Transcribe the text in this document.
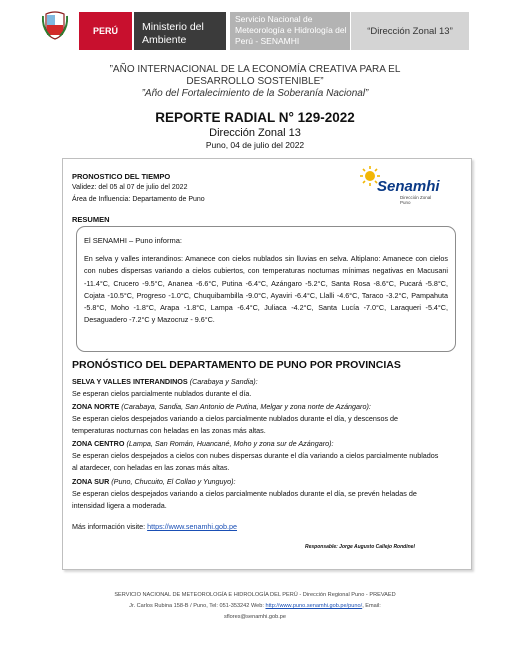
PERÚ	Ministerio del Ambiente
Servicio Nacional de Meteorología e Hidrología del Perú - SENAMHI
“Dirección Zonal 13”
”AÑO INTERNACIONAL DE LA ECONOMÍA CREATIVA PARA EL DESARROLLO SOSTENIBLE”
”Año del Fortalecimiento de la Soberanía Nacional”
REPORTE RADIAL N° 129-2022
Dirección Zonal 13
Puno, 04 de julio del 2022
PRONOSTICO DEL TIEMPO
Validez: del 05 al 07 de julio del 2022
Área de Influencia: Departamento de Puno
Senamhi
Dirección Zonal Puno
RESUMEN
El SENAMHI – Puno informa:
En selva y valles interandinos: Amanece con cielos nublados sin lluvias en selva. Altiplano: Amanece con cielos con nubes dispersas variando a cielos cubiertos, con temperaturas nocturnas mínimas negativas en Macusani -11.4°C, Crucero -9.5°C, Ananea -6.6°C, Putina -6.4°C, Azángaro -5.2°C, Santa Rosa -8.6°C, Pucará -5.8°C, Cojata -10.5°C, Progreso -1.0°C, Chuquibambilla -9.0°C, Ayaviri -6.4°C, Llalli -4.6°C, Taraco -3.2°C, Pampahuta -5.8°C, Moho -1.8°C, Arapa -1.8°C, Lampa -6.4°C, Juliaca -4.2°C, Santa Lucía -7.0°C, Laraqueri -5.4°C, Desaguadero -7.2°C y Mazocruz - 9.6°C.
PRONÓSTICO DEL DEPARTAMENTO DE PUNO POR PROVINCIAS
SELVA Y VALLES INTERANDINOS (Carabaya y Sandia):
Se esperan cielos parcialmente nublados durante el día.
ZONA NORTE (Carabaya, Sandia, San Antonio de Putina, Melgar y zona norte de Azángaro):
Se esperan cielos despejados variando a cielos parcialmente nublados durante el día, y descensos de temperaturas nocturnas con heladas en las zonas más altas.
ZONA CENTRO (Lampa, San Román, Huancané, Moho y zona sur de Azángaro):
Se esperan cielos despejados a cielos con nubes dispersas durante el día variando a cielos parcialmente nublados al atardecer, con heladas en las zonas más altas.
ZONA SUR (Puno, Chucuito, El Collao y Yunguyo):
Se esperan cielos despejados variando a cielos parcialmente nublados durante el día, se prevén heladas de intensidad ligera a moderada.
Más información visite: https://www.senamhi.gob.pe
Responsable: Jorge Augusto Callejo Rondinel
SERVICIO NACIONAL DE METEOROLOGÍA E HIDROLOGÍA DEL PERÚ - Dirección Regional Puno - PREVAED
Jr. Carlos Rubina 158-B / Puno, Tel: 051-353242 Web: http://www.puno.senamhi.gob.pe/puno/, Email:
sflores@senamhi.gob.pe
